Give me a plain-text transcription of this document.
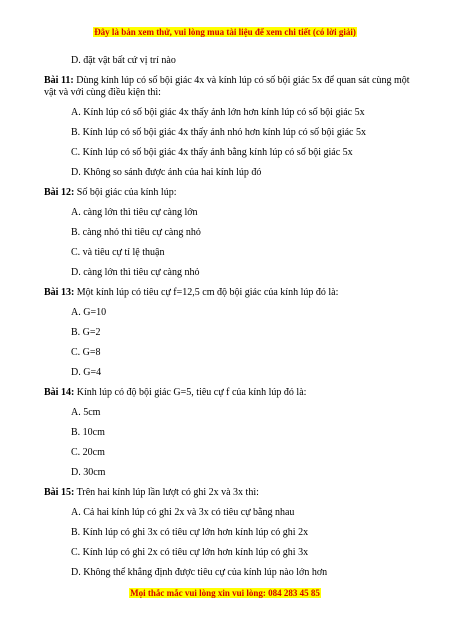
Đây là bản xem thử, vui lòng mua tài liệu để xem chi tiết (có lời giải)
D. đặt vật bất cứ vị trí nào
Bài 11: Dùng kính lúp có số bội giác 4x và kính lúp có số bội giác 5x để quan sát cùng một vật và với cùng điều kiện thì:
A. Kính lúp có số bội giác 4x thấy ảnh lớn hơn kính lúp có số bội giác 5x
B. Kính lúp có số bội giác 4x thấy ảnh nhỏ hơn kính lúp có số bội giác 5x
C. Kính lúp có số bội giác 4x thấy ảnh bằng kính lúp có số bội giác 5x
D. Không so sánh được ảnh của hai kính lúp đó
Bài 12: Số bội giác của kính lúp:
A. càng lớn thì tiêu cự càng lớn
B. càng nhỏ thì tiêu cự càng nhỏ
C. và tiêu cự tỉ lệ thuận
D. càng lớn thì tiêu cự càng nhỏ
Bài 13: Một kính lúp có tiêu cự f=12,5 cm độ bội giác của kính lúp đó là:
A. G=10
B. G=2
C. G=8
D. G=4
Bài 14: Kính lúp có độ bội giác G=5, tiêu cự f của kính lúp đó là:
A. 5cm
B. 10cm
C. 20cm
D. 30cm
Bài 15: Trên hai kính lúp lần lượt có ghi 2x và 3x thì:
A. Cả hai kính lúp có ghi 2x và 3x có tiêu cự bằng nhau
B. Kính lúp có ghi 3x có tiêu cự lớn hơn kính lúp có ghi 2x
C. Kính lúp có ghi 2x có tiêu cự lớn hơn kính lúp có ghi 3x
D. Không thể khẳng định được tiêu cự của kính lúp nào lớn hơn
Mọi thắc mắc vui lòng xin vui lòng: 084 283 45 85
